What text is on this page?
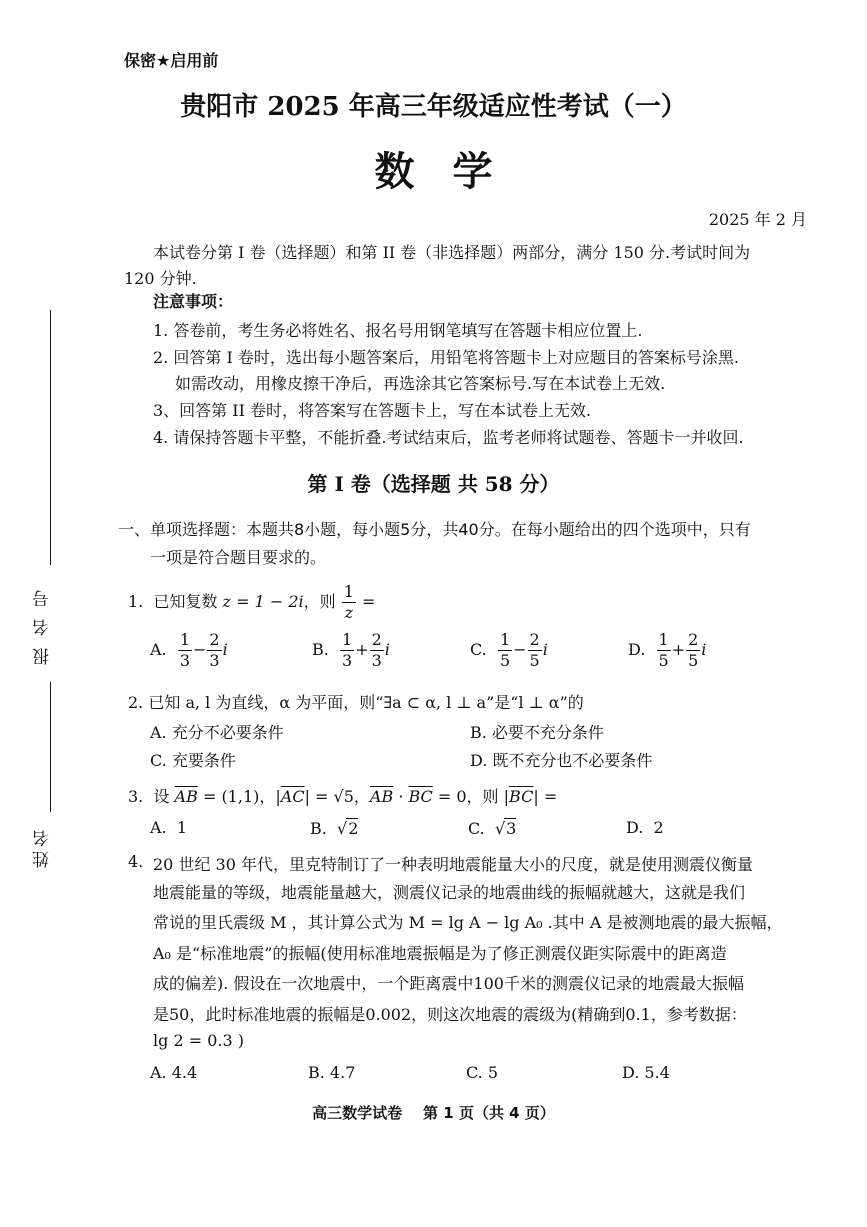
报名号
姓名
保密★启用前
贵阳市 2025 年高三年级适应性考试（一）
数学
2025 年 2 月
本试卷分第 I 卷（选择题）和第 II 卷（非选择题）两部分，满分 150 分.考试时间为
120 分钟.
注意事项：
1. 答卷前，考生务必将姓名、报名号用钢笔填写在答题卡相应位置上.
2. 回答第 I 卷时，选出每小题答案后，用铅笔将答题卡上对应题目的答案标号涂黑.
如需改动，用橡皮擦干净后，再选涂其它答案标号.写在本试卷上无效.
3、回答第 II 卷时，将答案写在答题卡上，写在本试卷上无效.
4. 请保持答题卡平整，不能折叠.考试结束后，监考老师将试题卷、答题卡一并收回.
第 I 卷（选择题 共 58 分）
一、单项选择题：本题共8小题，每小题5分，共40分。在每小题给出的四个选项中，只有
一项是符合题目要求的。
1. 已知复数 z = 1 − 2i，则 $\frac{1}{z}$ =
A. $\frac{1}{3} - \frac{2}{3}$ i	B. $\frac{1}{3} + \frac{2}{3}$ i	C. $\frac{1}{5} - \frac{2}{5}$ i	D. $\frac{1}{5} + \frac{2}{5}$ i
2. 已知 a, l 为直线，α 为平面，则“∃a ⊂ α, l ⊥ a”是“l ⊥ α”的
A. 充分不必要条件	B. 必要不充分条件
C. 充要条件	D. 既不充分也不必要条件
3. 设 $\overline{AB} = (1,1)$，$|\overline{AC}| = √5$，$\overline{AB} \cdot \overline{BC} = 0$，则 $|\overline{BC}|$ =
A. 1	B.  √2	C.  √3	D. 2
4. 20 世纪 30 年代，里克特制订了一种表明地震能量大小的尺度，就是使用测震仪衡量
地震能量的等级，地震能量越大，测震仪记录的地震曲线的振幅就越大，这就是我们
常说的里氏震级 M ，其计算公式为 M = lg A − lg A₀ .其中 A 是被测地震的最大振幅，
A₀ 是“标准地震”的振幅(使用标准地震振幅是为了修正测震仪距实际震中的距离造
成的偏差). 假设在一次地震中，一个距离震中100千米的测震仪记录的地震最大振幅
是50，此时标准地震的振幅是0.002，则这次地震的震级为(精确到0.1，参考数据：
lg 2 = 0.3 )
A. 4.4	B. 4.7	C. 5	D. 5.4
高三数学试卷    第 1 页（共 4 页）
